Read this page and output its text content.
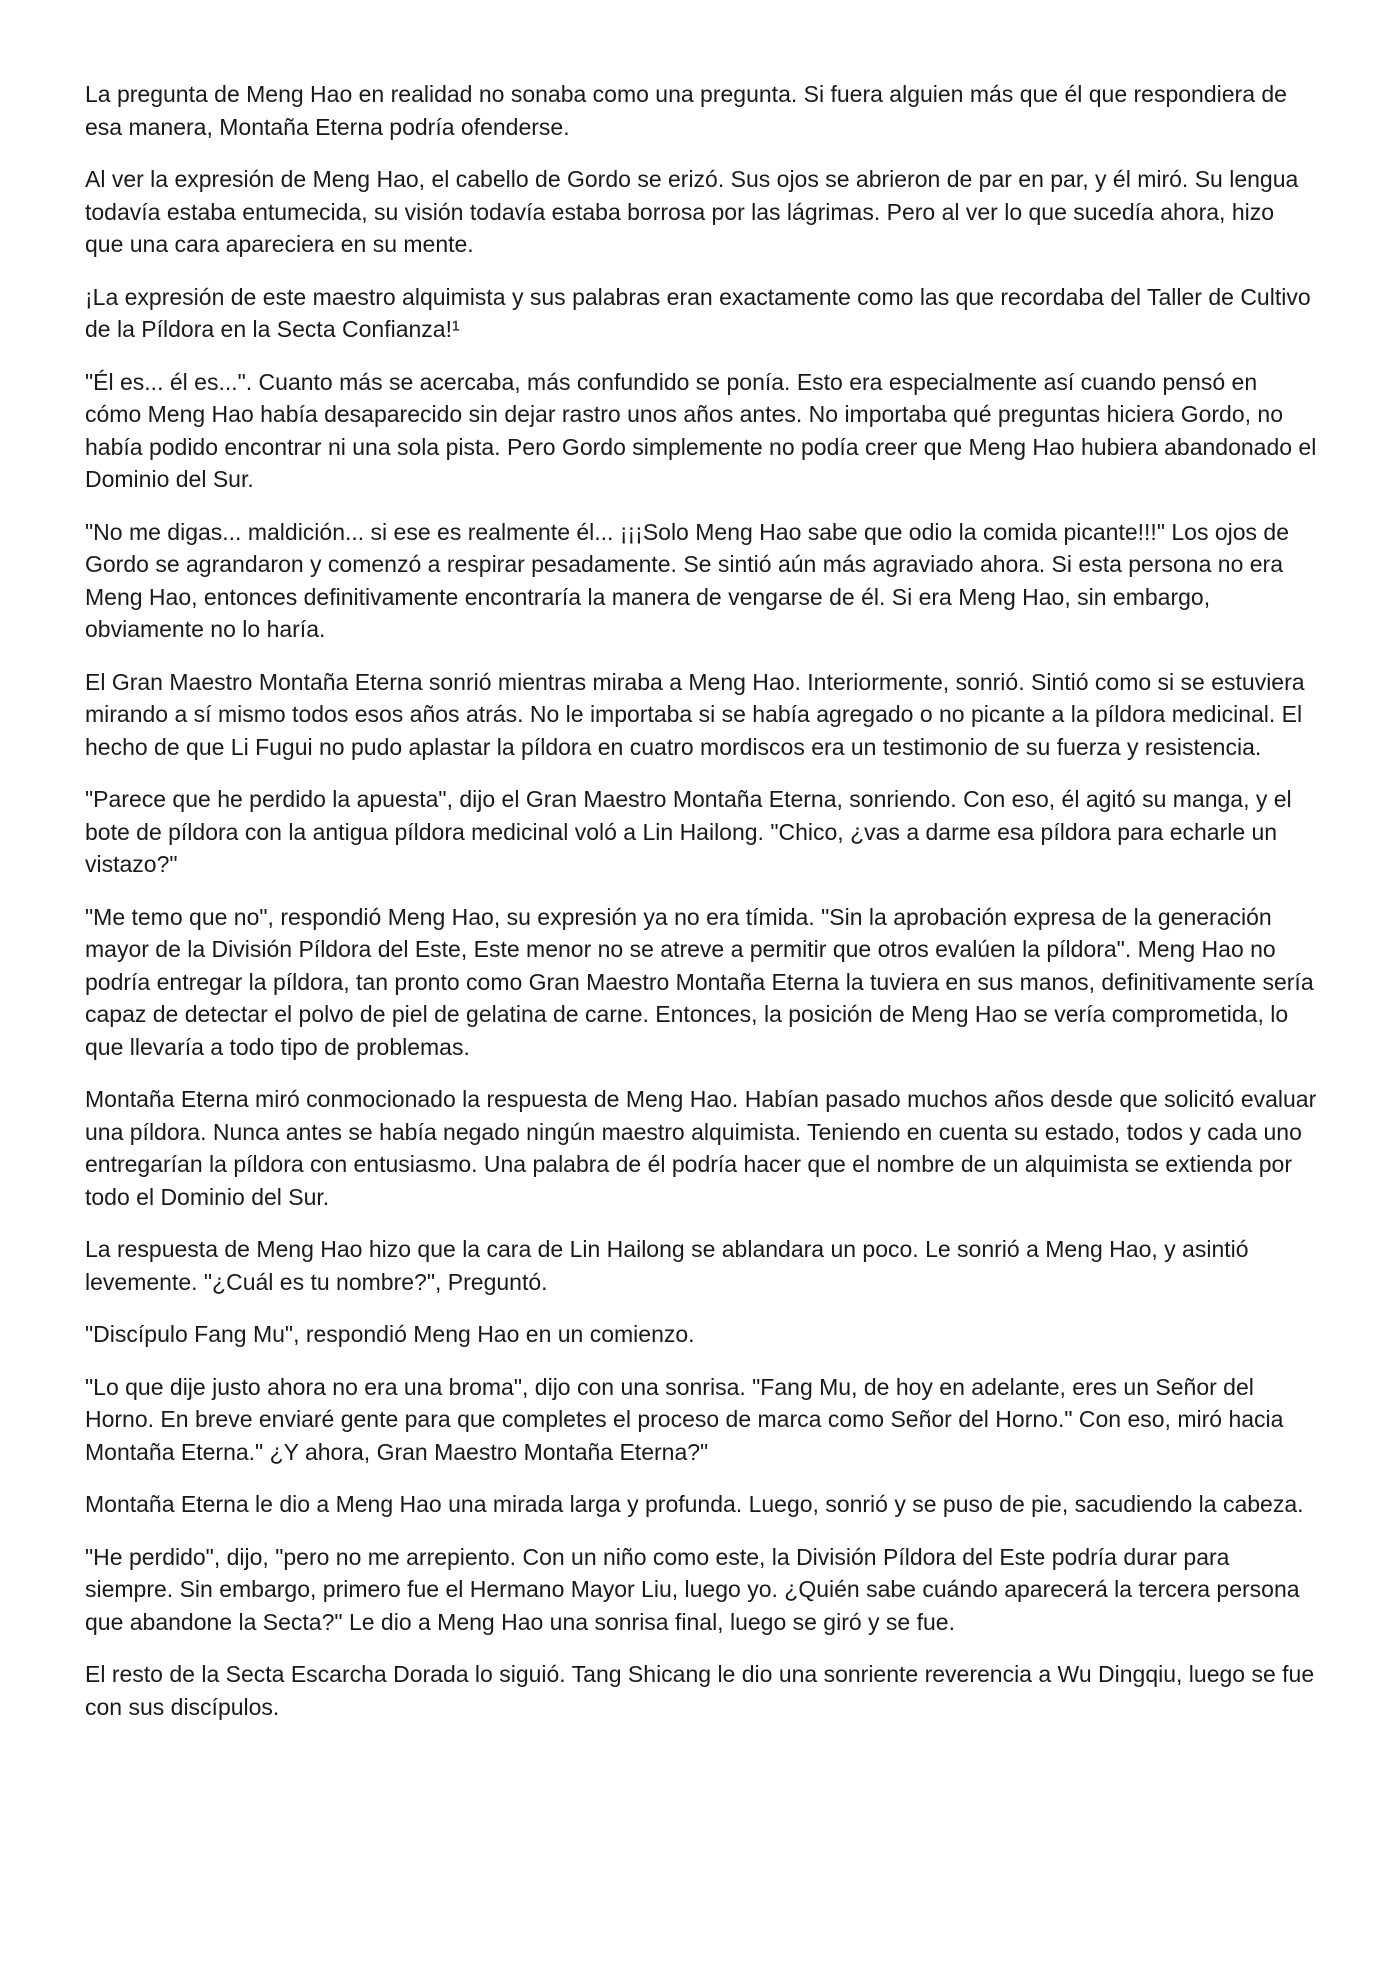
La pregunta de Meng Hao en realidad no sonaba como una pregunta. Si fuera alguien más que él que respondiera de esa manera, Montaña Eterna podría ofenderse.

Al ver la expresión de Meng Hao, el cabello de Gordo se erizó. Sus ojos se abrieron de par en par, y él miró. Su lengua todavía estaba entumecida, su visión todavía estaba borrosa por las lágrimas. Pero al ver lo que sucedía ahora, hizo que una cara apareciera en su mente.

¡La expresión de este maestro alquimista y sus palabras eran exactamente como las que recordaba del Taller de Cultivo de la Píldora en la Secta Confianza!¹

"Él es... él es...". Cuanto más se acercaba, más confundido se ponía. Esto era especialmente así cuando pensó en cómo Meng Hao había desaparecido sin dejar rastro unos años antes. No importaba qué preguntas hiciera Gordo, no había podido encontrar ni una sola pista. Pero Gordo simplemente no podía creer que Meng Hao hubiera abandonado el Dominio del Sur.

"No me digas... maldición... si ese es realmente él... ¡¡¡Solo Meng Hao sabe que odio la comida picante!!!" Los ojos de Gordo se agrandaron y comenzó a respirar pesadamente. Se sintió aún más agraviado ahora. Si esta persona no era Meng Hao, entonces definitivamente encontraría la manera de vengarse de él. Si era Meng Hao, sin embargo, obviamente no lo haría.

El Gran Maestro Montaña Eterna sonrió mientras miraba a Meng Hao. Interiormente, sonrió. Sintió como si se estuviera mirando a sí mismo todos esos años atrás. No le importaba si se había agregado o no picante a la píldora medicinal. El hecho de que Li Fugui no pudo aplastar la píldora en cuatro mordiscos era un testimonio de su fuerza y resistencia.

"Parece que he perdido la apuesta", dijo el Gran Maestro Montaña Eterna, sonriendo. Con eso, él agitó su manga, y el bote de píldora con la antigua píldora medicinal voló a Lin Hailong. "Chico, ¿vas a darme esa píldora para echarle un vistazo?"

"Me temo que no", respondió Meng Hao, su expresión ya no era tímida. "Sin la aprobación expresa de la generación mayor de la División Píldora del Este, Este menor no se atreve a permitir que otros evalúen la píldora". Meng Hao no podría entregar la píldora, tan pronto como Gran Maestro Montaña Eterna la tuviera en sus manos, definitivamente sería capaz de detectar el polvo de piel de gelatina de carne. Entonces, la posición de Meng Hao se vería comprometida, lo que llevaría a todo tipo de problemas.

Montaña Eterna miró conmocionado la respuesta de Meng Hao. Habían pasado muchos años desde que solicitó evaluar una píldora. Nunca antes se había negado ningún maestro alquimista. Teniendo en cuenta su estado, todos y cada uno entregarían la píldora con entusiasmo. Una palabra de él podría hacer que el nombre de un alquimista se extienda por todo el Dominio del Sur.

La respuesta de Meng Hao hizo que la cara de Lin Hailong se ablandara un poco. Le sonrió a Meng Hao, y asintió levemente. "¿Cuál es tu nombre?", Preguntó.

"Discípulo Fang Mu", respondió Meng Hao en un comienzo.

"Lo que dije justo ahora no era una broma", dijo con una sonrisa. "Fang Mu, de hoy en adelante, eres un Señor del Horno. En breve enviaré gente para que completes el proceso de marca como Señor del Horno." Con eso, miró hacia Montaña Eterna." ¿Y ahora, Gran Maestro Montaña Eterna?"

Montaña Eterna le dio a Meng Hao una mirada larga y profunda. Luego, sonrió y se puso de pie, sacudiendo la cabeza.

"He perdido", dijo, "pero no me arrepiento. Con un niño como este, la División Píldora del Este podría durar para siempre. Sin embargo, primero fue el Hermano Mayor Liu, luego yo. ¿Quién sabe cuándo aparecerá la tercera persona que abandone la Secta?" Le dio a Meng Hao una sonrisa final, luego se giró y se fue.

El resto de la Secta Escarcha Dorada lo siguió. Tang Shicang le dio una sonriente reverencia a Wu Dingqiu, luego se fue con sus discípulos.
